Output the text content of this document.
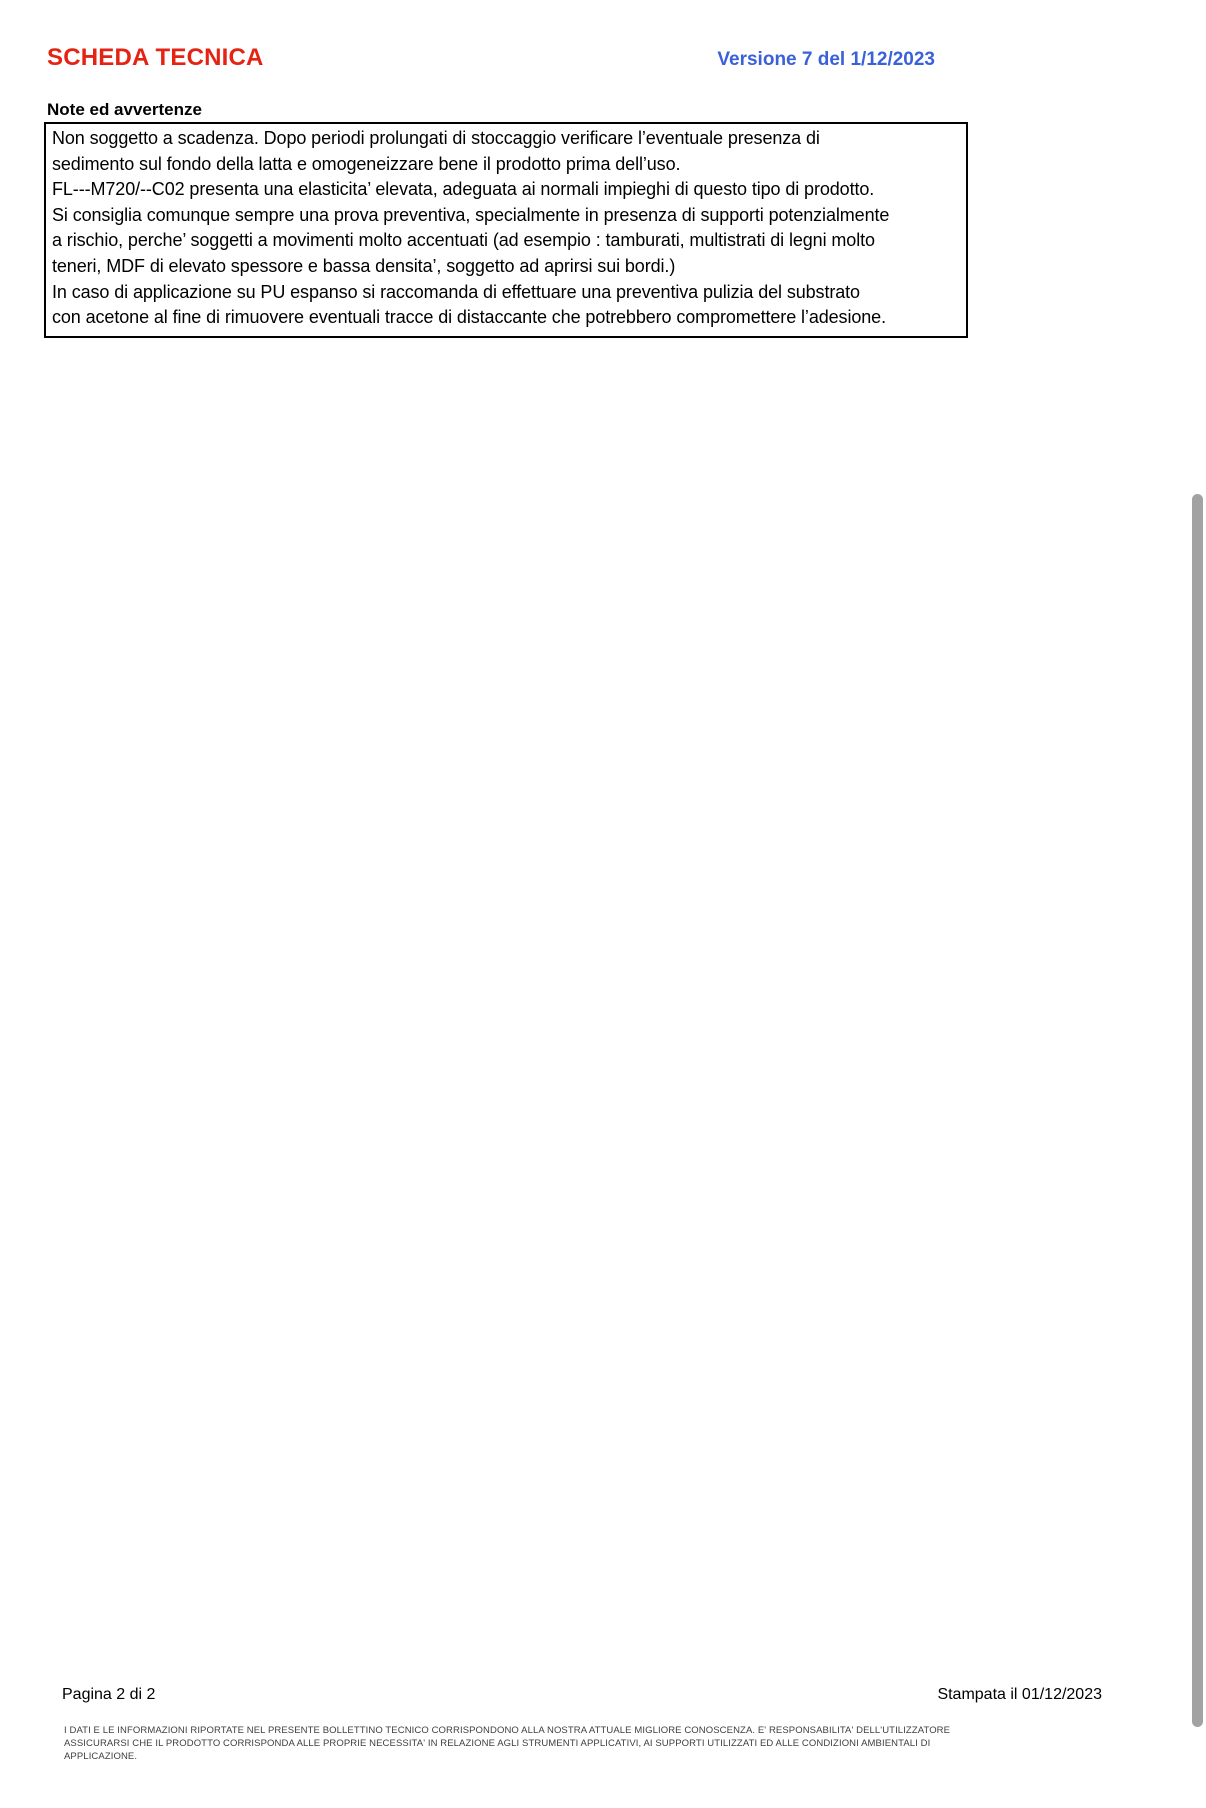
SCHEDA TECNICA	Versione 7 del 1/12/2023
Note ed avvertenze
Non soggetto a scadenza. Dopo periodi prolungati di stoccaggio verificare l’eventuale presenza di
sedimento sul fondo della latta e omogeneizzare bene il prodotto prima dell’uso.
FL---M720/--C02 presenta una elasticita’ elevata, adeguata ai normali impieghi di questo tipo di prodotto.
Si consiglia comunque sempre una prova preventiva, specialmente in presenza di supporti potenzialmente
a rischio, perche’ soggetti a movimenti molto accentuati (ad esempio : tamburati, multistrati di legni molto
teneri, MDF di elevato spessore e bassa densita’, soggetto ad aprirsi sui bordi.)
In caso di applicazione su PU espanso si raccomanda di effettuare una preventiva pulizia del substrato
con acetone al fine di rimuovere eventuali tracce di distaccante che potrebbero compromettere l’adesione.
Pagina 2 di 2	Stampata il 01/12/2023
I DATI E LE INFORMAZIONI RIPORTATE NEL PRESENTE BOLLETTINO TECNICO CORRISPONDONO ALLA NOSTRA ATTUALE MIGLIORE CONOSCENZA. E' RESPONSABILITA' DELL'UTILIZZATORE
ASSICURARSI CHE IL PRODOTTO CORRISPONDA ALLE PROPRIE NECESSITA' IN RELAZIONE AGLI STRUMENTI APPLICATIVI, AI SUPPORTI UTILIZZATI ED ALLE CONDIZIONI AMBIENTALI DI
APPLICAZIONE.
